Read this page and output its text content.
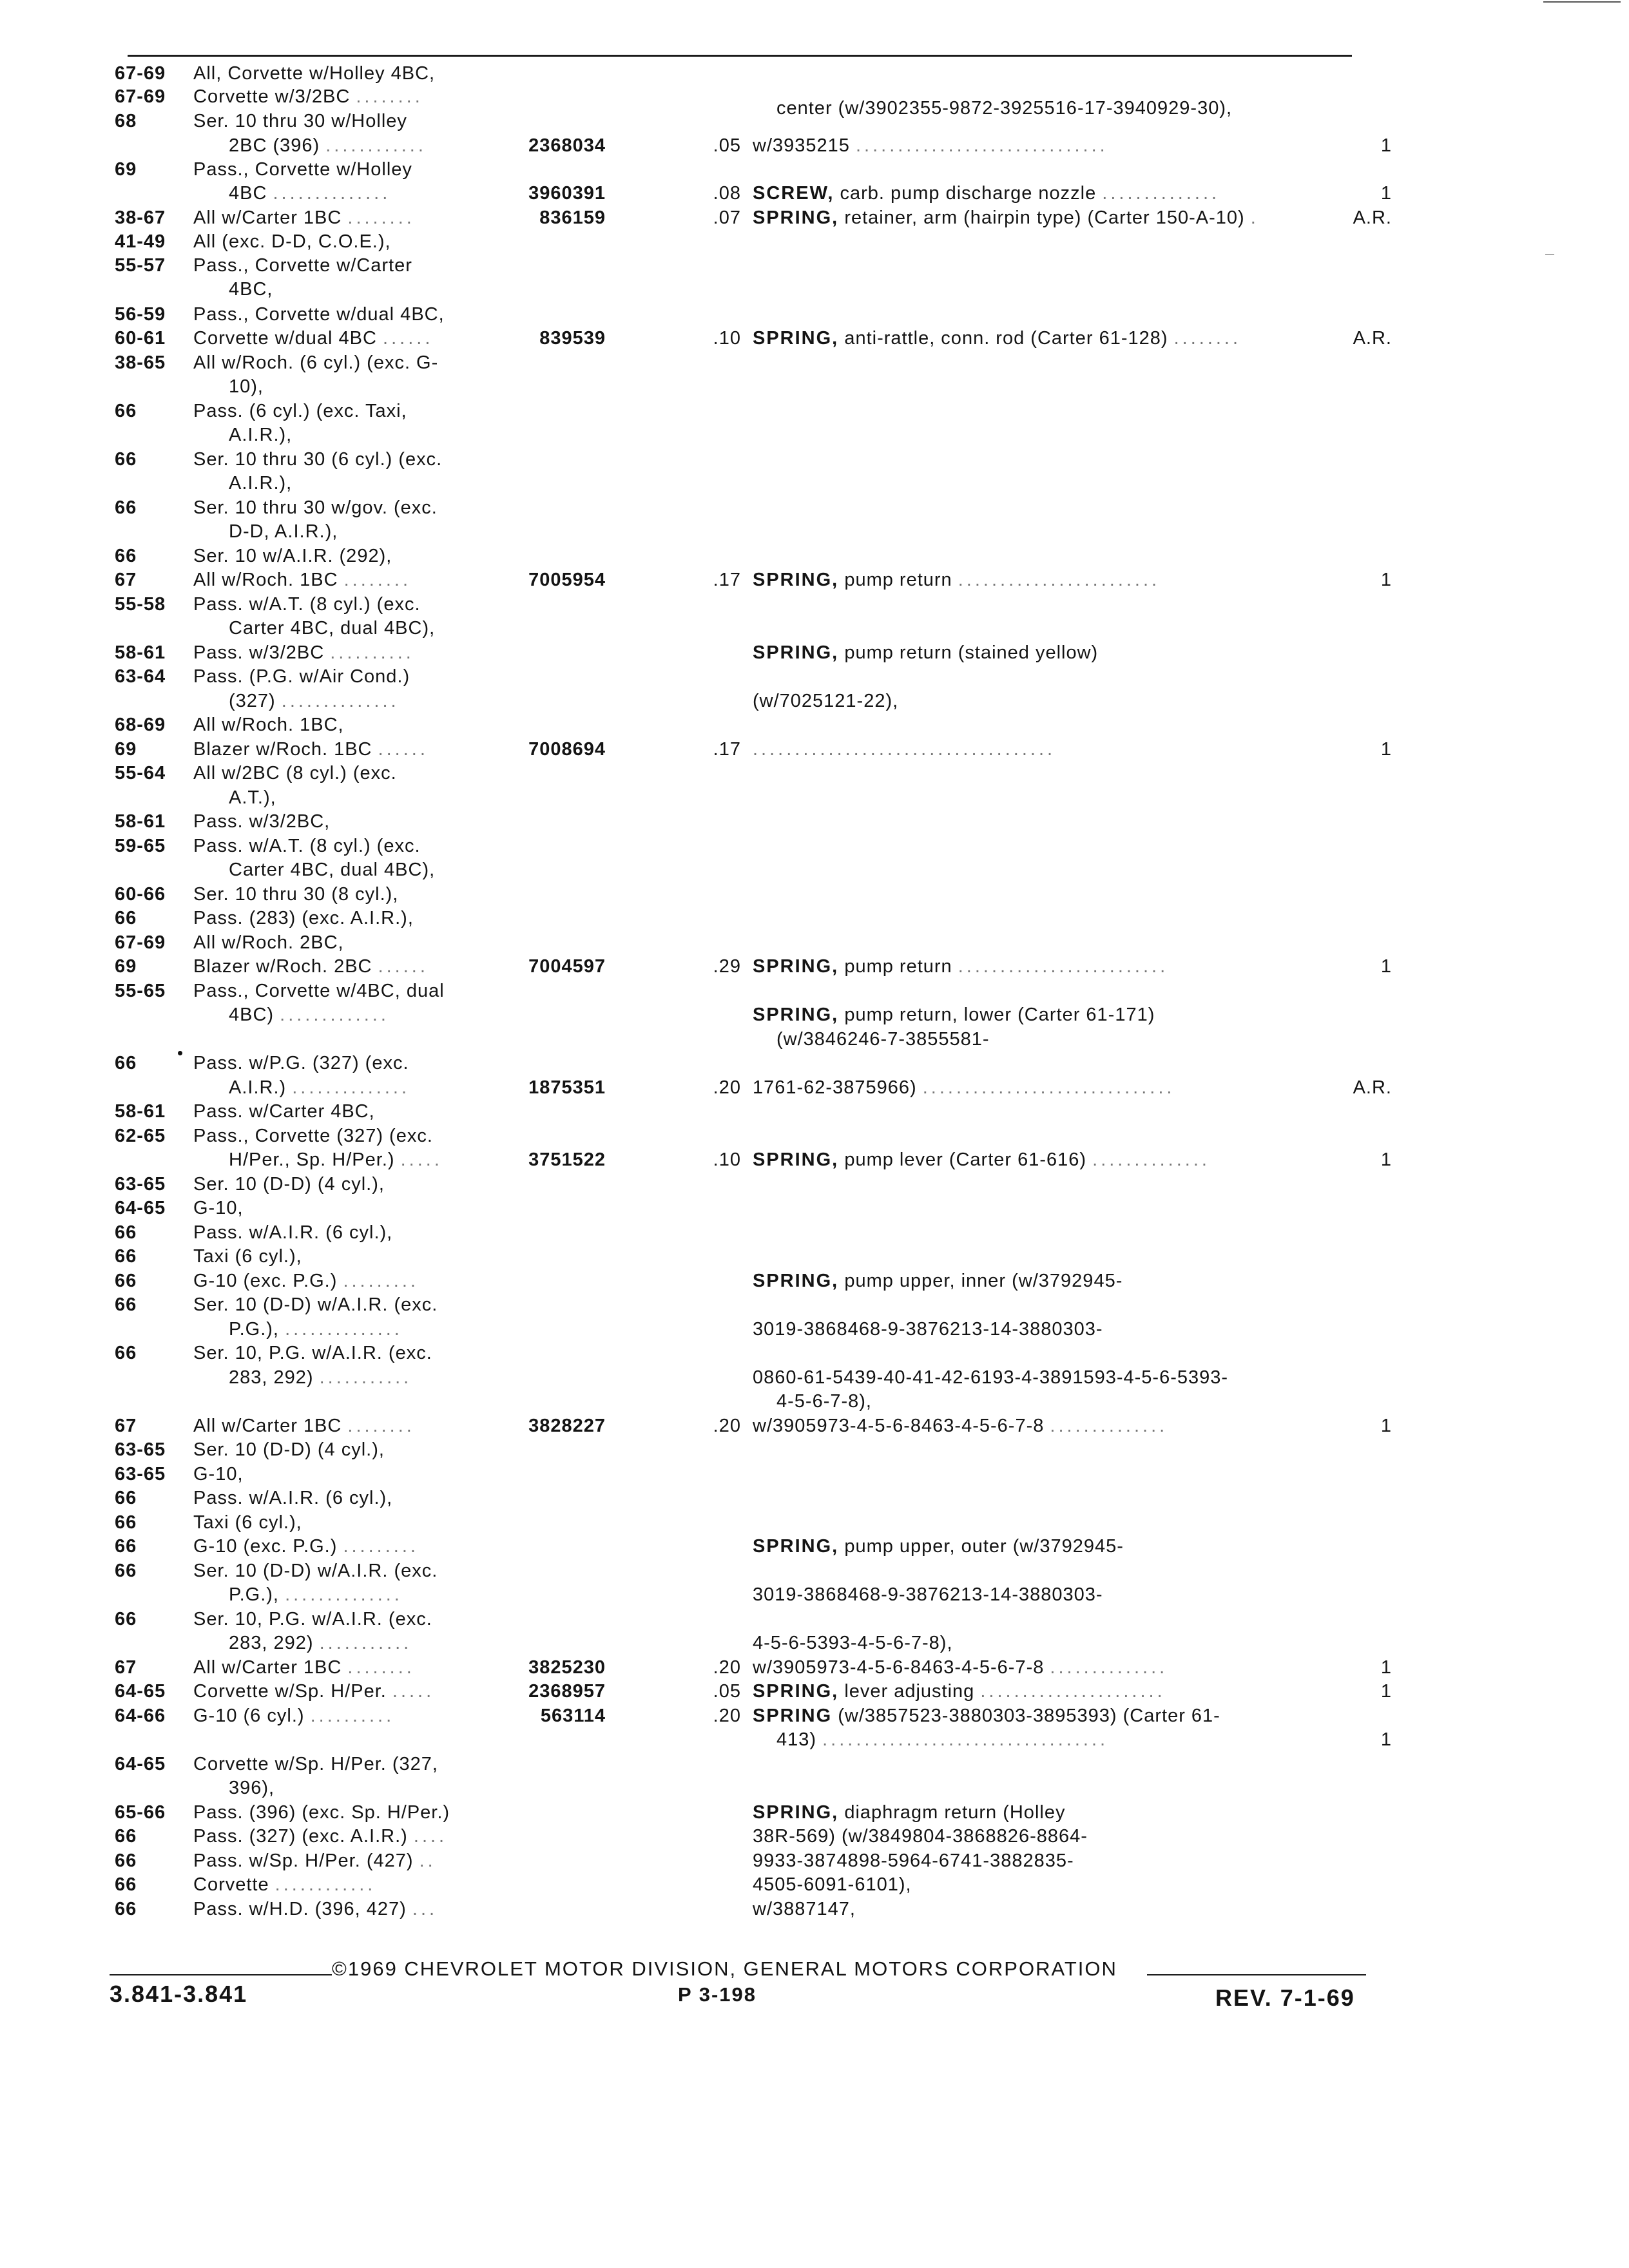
67-69 All, Corvette w/Holley 4BC,
67-69 Corvette w/3/2BC ........
center (w/3902355-9872-3925516-17-3940929-30),
68	Ser. 10 thru 30 w/Holley
2BC (396) ............	2368034	.05 w/3935215 ..............................	1
69	Pass., Corvette w/Holley
4BC ..............	3960391	.08 SCREW, carb. pump discharge nozzle ..............	1
38-67 All w/Carter 1BC ........	836159	.07 SPRING, retainer, arm (hairpin type) (Carter 150-A-10) .	A.R.
41-49 All (exc. D-D, C.O.E.),
55-57 Pass., Corvette w/Carter
4BC,
56-59 Pass., Corvette w/dual 4BC,
60-61 Corvette w/dual 4BC ......	839539	.10 SPRING, anti-rattle, conn. rod (Carter 61-128) ........	A.R.
38-65 All w/Roch. (6 cyl.) (exc. G-
10),
66	Pass. (6 cyl.) (exc. Taxi,
A.I.R.),
66	Ser. 10 thru 30 (6 cyl.) (exc.
A.I.R.),
66	Ser. 10 thru 30 w/gov. (exc.
D-D, A.I.R.),
66	Ser. 10 w/A.I.R. (292),
67	All w/Roch. 1BC ........	7005954	.17 SPRING, pump return ........................	1
55-58 Pass. w/A.T. (8 cyl.) (exc.
Carter 4BC, dual 4BC),
58-61 Pass. w/3/2BC ..........	SPRING, pump return (stained yellow)
63-64 Pass. (P.G. w/Air Cond.)
(327) ..............	(w/7025121-22),
68-69 All w/Roch. 1BC,
69	Blazer w/Roch. 1BC ......	7008694	.17 ....................................	1
55-64 All w/2BC (8 cyl.) (exc.
A.T.),
58-61 Pass. w/3/2BC,
59-65 Pass. w/A.T. (8 cyl.) (exc.
Carter 4BC, dual 4BC),
60-66 Ser. 10 thru 30 (8 cyl.),
66	Pass. (283) (exc. A.I.R.),
67-69 All w/Roch. 2BC,
69	Blazer w/Roch. 2BC ......	7004597	.29 SPRING, pump return .........................	1
55-65 Pass., Corvette w/4BC, dual
4BC) .............	SPRING, pump return, lower (Carter 61-171)
(w/3846246-7-3855581-
66	Pass. w/P.G. (327) (exc.
A.I.R.) ..............	1875351	.20 1761-62-3875966) ..............................	A.R.
58-61 Pass. w/Carter 4BC,
62-65 Pass., Corvette (327) (exc.
H/Per., Sp. H/Per.) .....	3751522	.10 SPRING, pump lever (Carter 61-616) ..............	1
63-65 Ser. 10 (D-D) (4 cyl.),
64-65 G-10,
66	Pass. w/A.I.R. (6 cyl.),
66	Taxi (6 cyl.),
66	G-10 (exc. P.G.) .........	SPRING, pump upper, inner (w/3792945-
66	Ser. 10 (D-D) w/A.I.R. (exc.
P.G.), ..............	3019-3868468-9-3876213-14-3880303-
66	Ser. 10, P.G. w/A.I.R. (exc.
283, 292) ...........	0860-61-5439-40-41-42-6193-4-3891593-4-5-6-5393-
4-5-6-7-8),
67	All w/Carter 1BC ........	3828227	.20 w/3905973-4-5-6-8463-4-5-6-7-8 ..............	1
63-65 Ser. 10 (D-D) (4 cyl.),
63-65 G-10,
66	Pass. w/A.I.R. (6 cyl.),
66	Taxi (6 cyl.),
66	G-10 (exc. P.G.) .........	SPRING, pump upper, outer (w/3792945-
66	Ser. 10 (D-D) w/A.I.R. (exc.
P.G.), ..............	3019-3868468-9-3876213-14-3880303-
66	Ser. 10, P.G. w/A.I.R. (exc.
283, 292) ...........	4-5-6-5393-4-5-6-7-8),
67	All w/Carter 1BC ........	3825230	.20 w/3905973-4-5-6-8463-4-5-6-7-8 ..............	1
64-65 Corvette w/Sp. H/Per. .....	2368957	.05 SPRING, lever adjusting ......................	1
64-66 G-10 (6 cyl.) ..........	563114	.20 SPRING (w/3857523-3880303-3895393) (Carter 61-
413) ..................................	1
64-65 Corvette w/Sp. H/Per. (327,
396),
65-66 Pass. (396) (exc. Sp. H/Per.)	SPRING, diaphragm return (Holley
66	Pass. (327) (exc. A.I.R.) ....	38R-569) (w/3849804-3868826-8864-
66	Pass. w/Sp. H/Per. (427) ..	9933-3874898-5964-6741-3882835-
66	Corvette ............	4505-6091-6101),
66	Pass. w/H.D. (396, 427) ...	w/3887147,
©1969 CHEVROLET MOTOR DIVISION, GENERAL MOTORS CORPORATION
3.841-3.841	P 3-198	REV. 7-1-69
